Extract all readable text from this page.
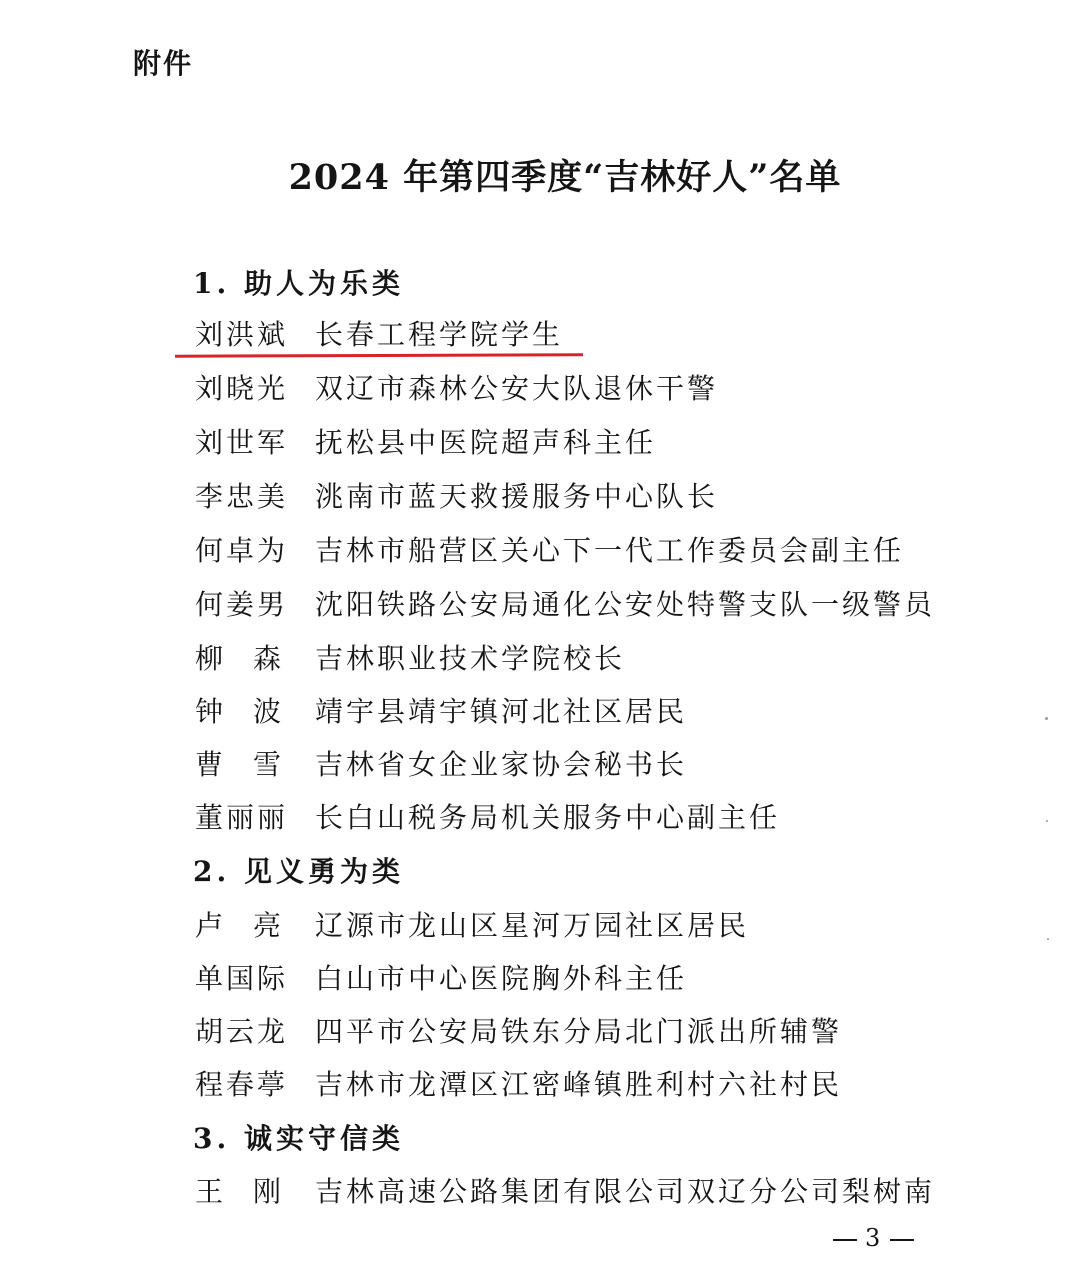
附件
2024 年第四季度“吉林好人”名单
1. 助人为乐类
刘洪斌 长春工程学院学生
刘晓光 双辽市森林公安大队退休干警
刘世军 抚松县中医院超声科主任
李忠美 洮南市蓝天救援服务中心队长
何卓为 吉林市船营区关心下一代工作委员会副主任
何姜男 沈阳铁路公安局通化公安处特警支队一级警员
柳森 吉林职业技术学院校长
钟波 靖宇县靖宇镇河北社区居民
曹雪 吉林省女企业家协会秘书长
董丽丽 长白山税务局机关服务中心副主任
2. 见义勇为类
卢亮 辽源市龙山区星河万园社区居民
单国际 白山市中心医院胸外科主任
胡云龙 四平市公安局铁东分局北门派出所辅警
程春葶 吉林市龙潭区江密峰镇胜利村六社村民
3. 诚实守信类
王刚 吉林高速公路集团有限公司双辽分公司梨树南
3
